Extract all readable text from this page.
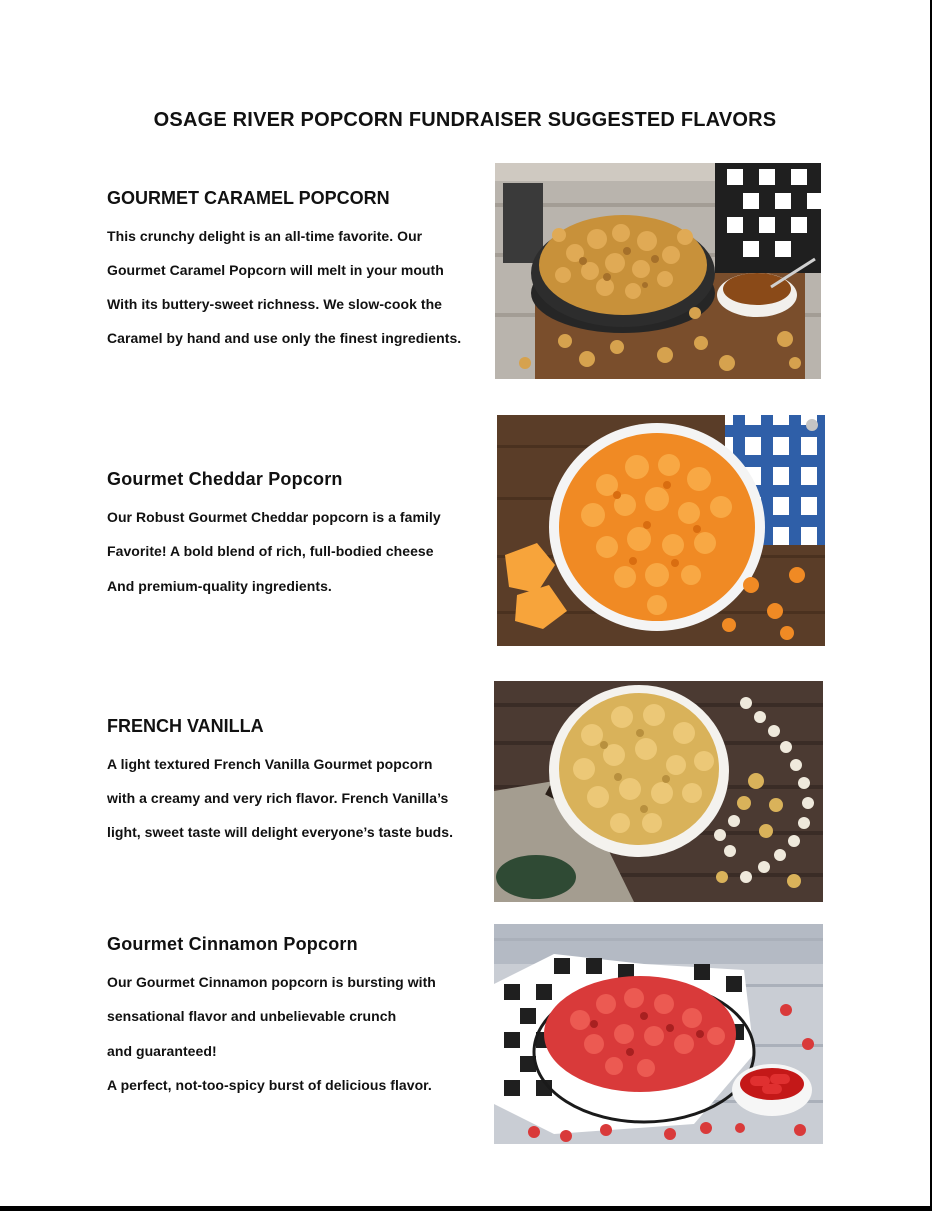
OSAGE RIVER POPCORN FUNDRAISER SUGGESTED FLAVORS
GOURMET CARAMEL POPCORN
This crunchy delight is an all-time favorite. Our
Gourmet Caramel Popcorn will melt in your mouth
With its buttery-sweet richness. We slow-cook the
Caramel by hand and use only the finest ingredients.
Gourmet Cheddar Popcorn
Our Robust Gourmet Cheddar popcorn is a family
Favorite! A bold blend of rich, full-bodied cheese
And premium-quality ingredients.
FRENCH VANILLA
A light textured French Vanilla Gourmet popcorn
with a creamy and very rich flavor. French Vanilla’s
light, sweet taste will delight everyone’s taste buds.
Gourmet Cinnamon Popcorn
Our Gourmet Cinnamon popcorn is bursting with
sensational flavor and unbelievable crunch
and guaranteed!
A perfect, not-too-spicy burst of delicious flavor.
